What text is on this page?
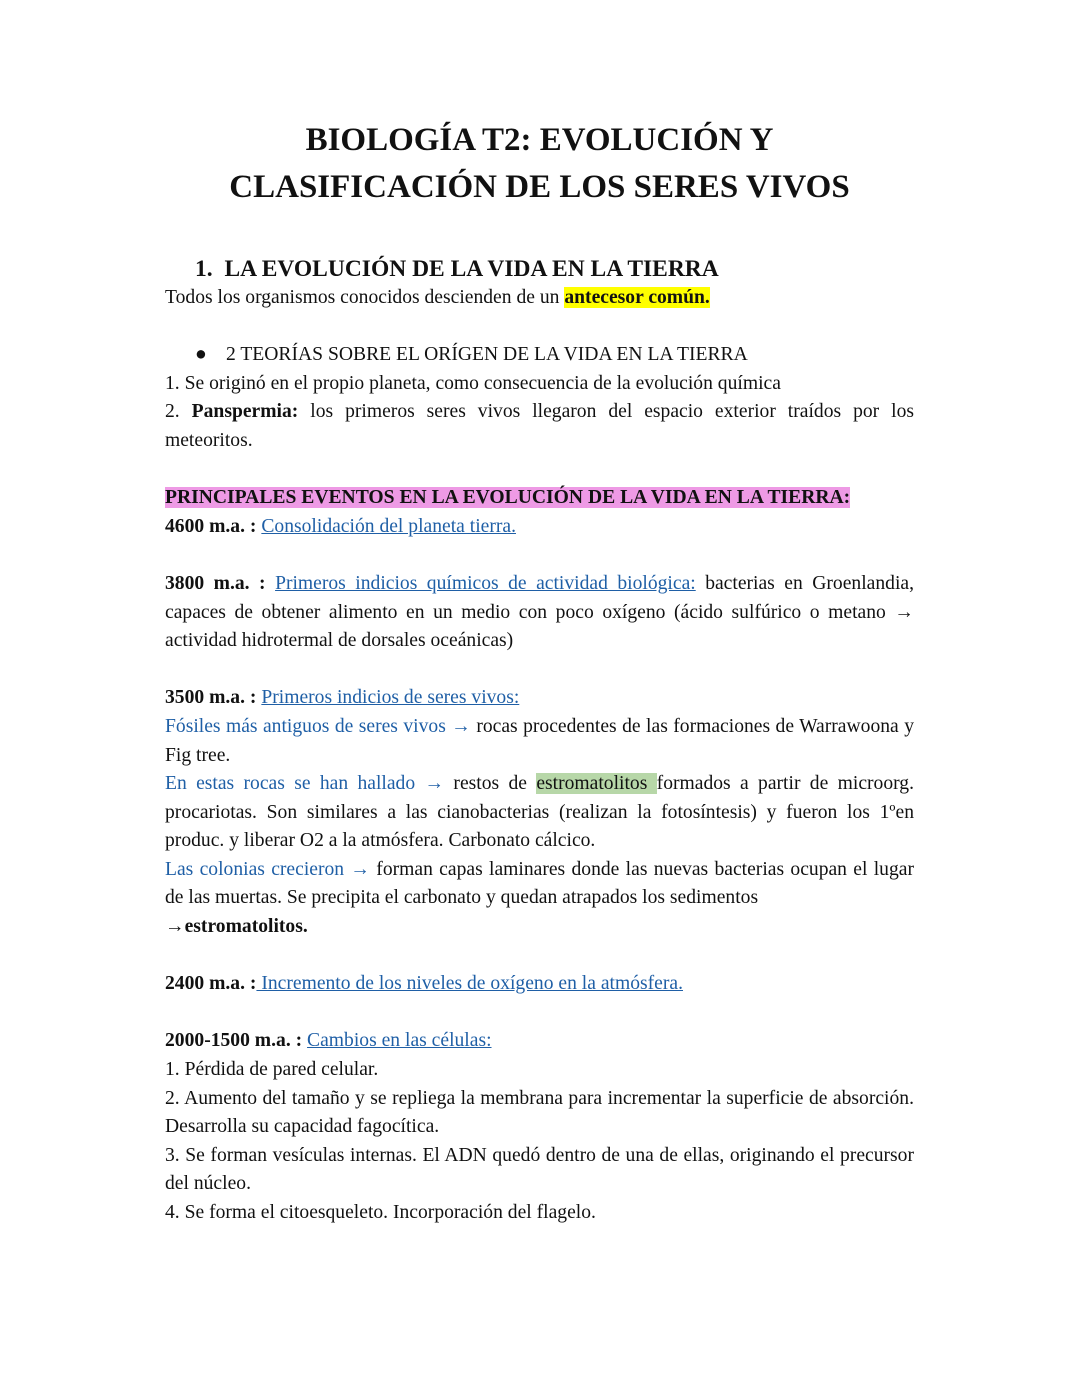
BIOLOGÍA T2: EVOLUCIÓN Y
CLASIFICACIÓN DE LOS SERES VIVOS
1. LA EVOLUCIÓN DE LA VIDA EN LA TIERRA

Todos los organismos conocidos descienden de un antecesor común.

● 2 TEORÍAS SOBRE EL ORÍGEN DE LA VIDA EN LA TIERRA

1. Se originó en el propio planeta, como consecuencia de la evolución química

2. Panspermia: los primeros seres vivos llegaron del espacio exterior traídos por los meteoritos.

PRINCIPALES EVENTOS EN LA EVOLUCIÓN DE LA VIDA EN LA TIERRA:

4600 m.a. : Consolidación del planeta tierra.

3800 m.a. : Primeros indicios químicos de actividad biológica: bacterias en Groenlandia, capaces de obtener alimento en un medio con poco oxígeno (ácido sulfúrico o metano → actividad hidrotermal de dorsales oceánicas)

3500 m.a. : Primeros indicios de seres vivos:

Fósiles más antiguos de seres vivos → rocas procedentes de las formaciones de Warrawoona y Fig tree.

En estas rocas se han hallado → restos de estromatolitos formados a partir de microorg. procariotas. Son similares a las cianobacterias (realizan la fotosíntesis) y fueron los 1ºen produc. y liberar O2 a la atmósfera. Carbonato cálcico.

Las colonias crecieron → forman capas laminares donde las nuevas bacterias ocupan el lugar de las muertas. Se precipita el carbonato y quedan atrapados los sedimentos

→estromatolitos.

2400 m.a. : Incremento de los niveles de oxígeno en la atmósfera.

2000-1500 m.a. : Cambios en las células:

1. Pérdida de pared celular.

2. Aumento del tamaño y se repliega la membrana para incrementar la superficie de absorción. Desarrolla su capacidad fagocítica.

3. Se forman vesículas internas. El ADN quedó dentro de una de ellas, originando el precursor del núcleo.

4. Se forma el citoesqueleto. Incorporación del flagelo.
